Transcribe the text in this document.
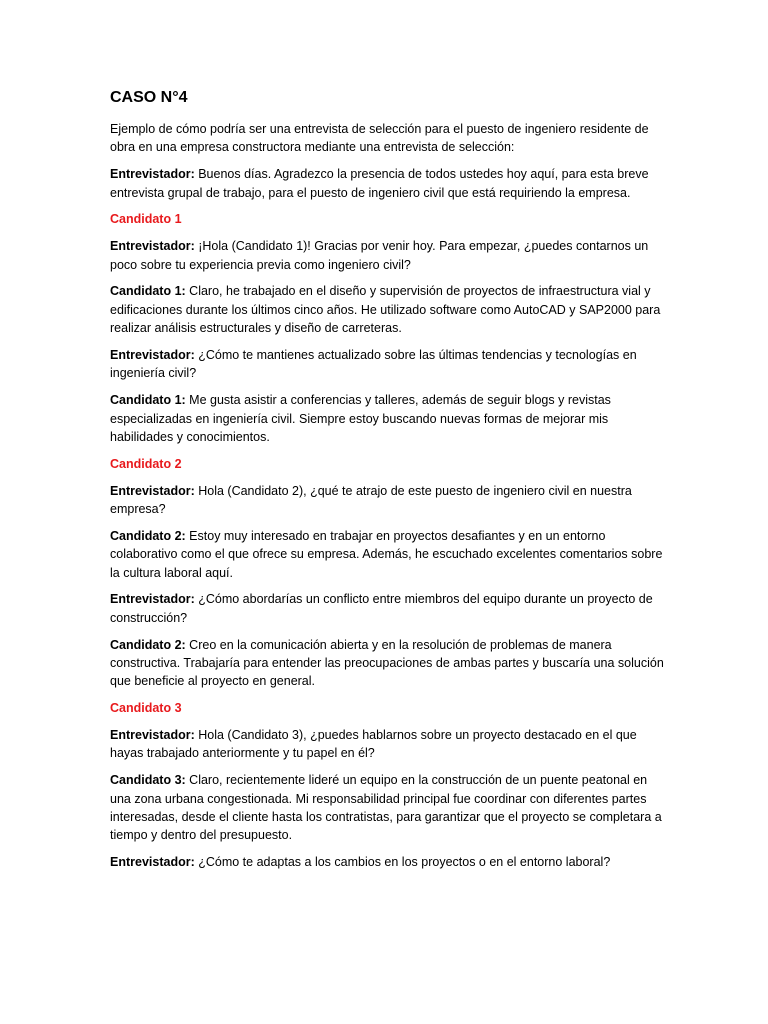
CASO N°4

Ejemplo de cómo podría ser una entrevista de selección para el puesto de ingeniero residente de obra en una empresa constructora mediante una entrevista de selección:

Entrevistador: Buenos días. Agradezco la presencia de todos ustedes hoy aquí, para esta breve entrevista grupal de trabajo, para el puesto de ingeniero civil que está requiriendo la empresa.

Candidato 1

Entrevistador: ¡Hola (Candidato 1)! Gracias por venir hoy. Para empezar, ¿puedes contarnos un poco sobre tu experiencia previa como ingeniero civil?

Candidato 1: Claro, he trabajado en el diseño y supervisión de proyectos de infraestructura vial y edificaciones durante los últimos cinco años. He utilizado software como AutoCAD y SAP2000 para realizar análisis estructurales y diseño de carreteras.

Entrevistador: ¿Cómo te mantienes actualizado sobre las últimas tendencias y tecnologías en ingeniería civil?

Candidato 1: Me gusta asistir a conferencias y talleres, además de seguir blogs y revistas especializadas en ingeniería civil. Siempre estoy buscando nuevas formas de mejorar mis habilidades y conocimientos.

Candidato 2

Entrevistador: Hola (Candidato 2), ¿qué te atrajo de este puesto de ingeniero civil en nuestra empresa?

Candidato 2: Estoy muy interesado en trabajar en proyectos desafiantes y en un entorno colaborativo como el que ofrece su empresa. Además, he escuchado excelentes comentarios sobre la cultura laboral aquí.

Entrevistador: ¿Cómo abordarías un conflicto entre miembros del equipo durante un proyecto de construcción?

Candidato 2: Creo en la comunicación abierta y en la resolución de problemas de manera constructiva. Trabajaría para entender las preocupaciones de ambas partes y buscaría una solución que beneficie al proyecto en general.

Candidato 3

Entrevistador: Hola (Candidato 3), ¿puedes hablarnos sobre un proyecto destacado en el que hayas trabajado anteriormente y tu papel en él?

Candidato 3: Claro, recientemente lideré un equipo en la construcción de un puente peatonal en una zona urbana congestionada. Mi responsabilidad principal fue coordinar con diferentes partes interesadas, desde el cliente hasta los contratistas, para garantizar que el proyecto se completara a tiempo y dentro del presupuesto.

Entrevistador: ¿Cómo te adaptas a los cambios en los proyectos o en el entorno laboral?
